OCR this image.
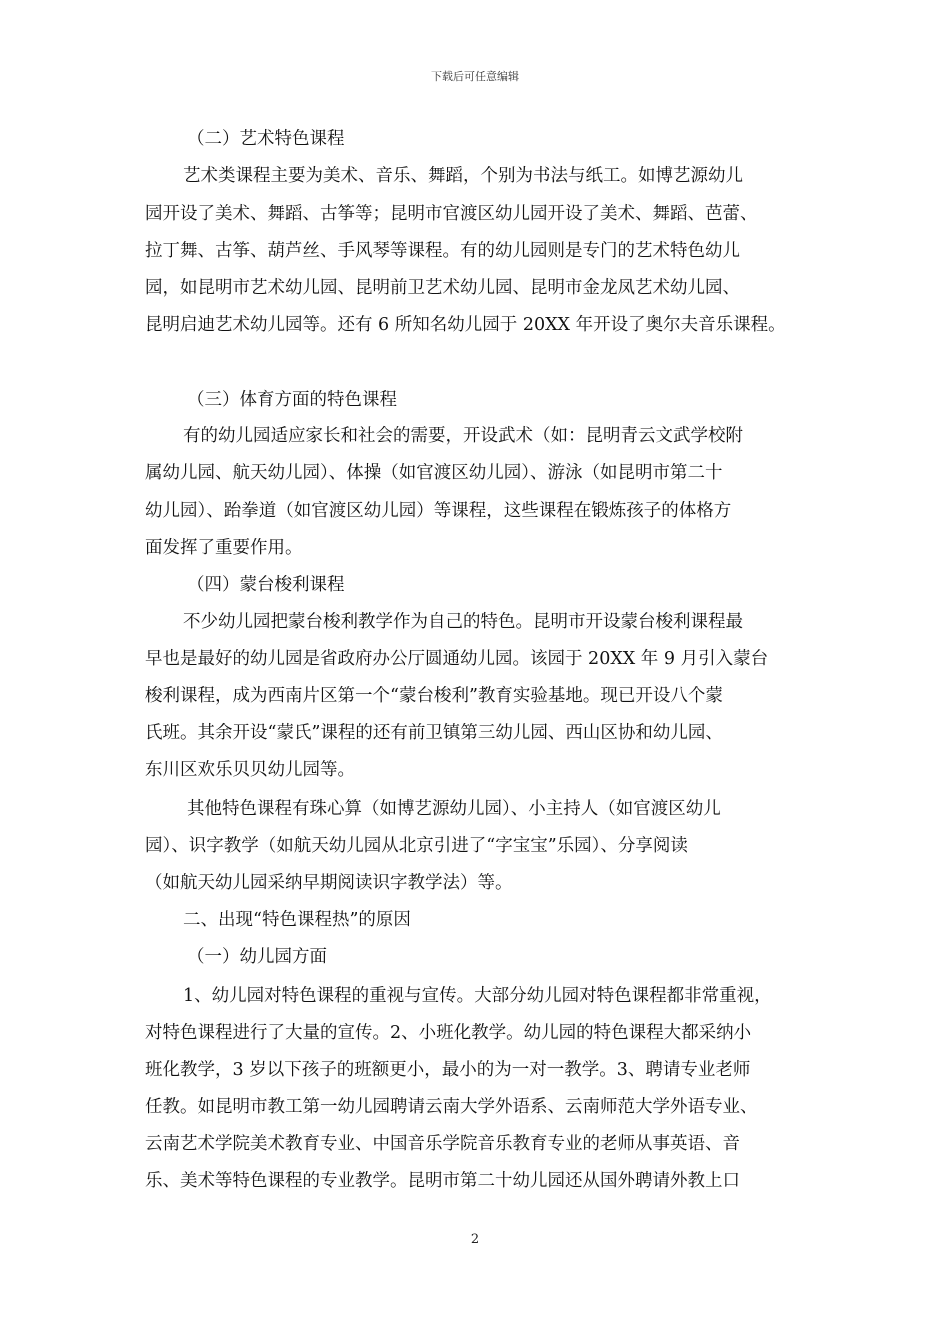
下载后可任意编辑
（二）艺术特色课程
艺术类课程主要为美术、音乐、舞蹈，个别为书法与纸工。如博艺源幼儿
园开设了美术、舞蹈、古筝等；昆明市官渡区幼儿园开设了美术、舞蹈、芭蕾、
拉丁舞、古筝、葫芦丝、手风琴等课程。有的幼儿园则是专门的艺术特色幼儿
园，如昆明市艺术幼儿园、昆明前卫艺术幼儿园、昆明市金龙凤艺术幼儿园、
昆明启迪艺术幼儿园等。还有 6 所知名幼儿园于 20XX 年开设了奥尔夫音乐课程。
（三）体育方面的特色课程
有的幼儿园适应家长和社会的需要，开设武术（如：昆明青云文武学校附
属幼儿园、航天幼儿园）、体操（如官渡区幼儿园）、游泳（如昆明市第二十
幼儿园）、跆拳道（如官渡区幼儿园）等课程，这些课程在锻炼孩子的体格方
面发挥了重要作用。
（四）蒙台梭利课程
不少幼儿园把蒙台梭利教学作为自己的特色。昆明市开设蒙台梭利课程最
早也是最好的幼儿园是省政府办公厅圆通幼儿园。该园于 20XX 年 9 月引入蒙台
梭利课程，成为西南片区第一个“蒙台梭利”教育实验基地。现已开设八个蒙
氏班。其余开设“蒙氏”课程的还有前卫镇第三幼儿园、西山区协和幼儿园、
东川区欢乐贝贝幼儿园等。
其他特色课程有珠心算（如博艺源幼儿园）、小主持人（如官渡区幼儿
园）、识字教学（如航天幼儿园从北京引进了“字宝宝”乐园）、分享阅读
（如航天幼儿园采纳早期阅读识字教学法）等。
二、出现“特色课程热”的原因
（一）幼儿园方面
1、幼儿园对特色课程的重视与宣传。大部分幼儿园对特色课程都非常重视，
对特色课程进行了大量的宣传。2、小班化教学。幼儿园的特色课程大都采纳小
班化教学，3 岁以下孩子的班额更小，最小的为一对一教学。3、聘请专业老师
任教。如昆明市教工第一幼儿园聘请云南大学外语系、云南师范大学外语专业、
云南艺术学院美术教育专业、中国音乐学院音乐教育专业的老师从事英语、音
乐、美术等特色课程的专业教学。昆明市第二十幼儿园还从国外聘请外教上口
2
